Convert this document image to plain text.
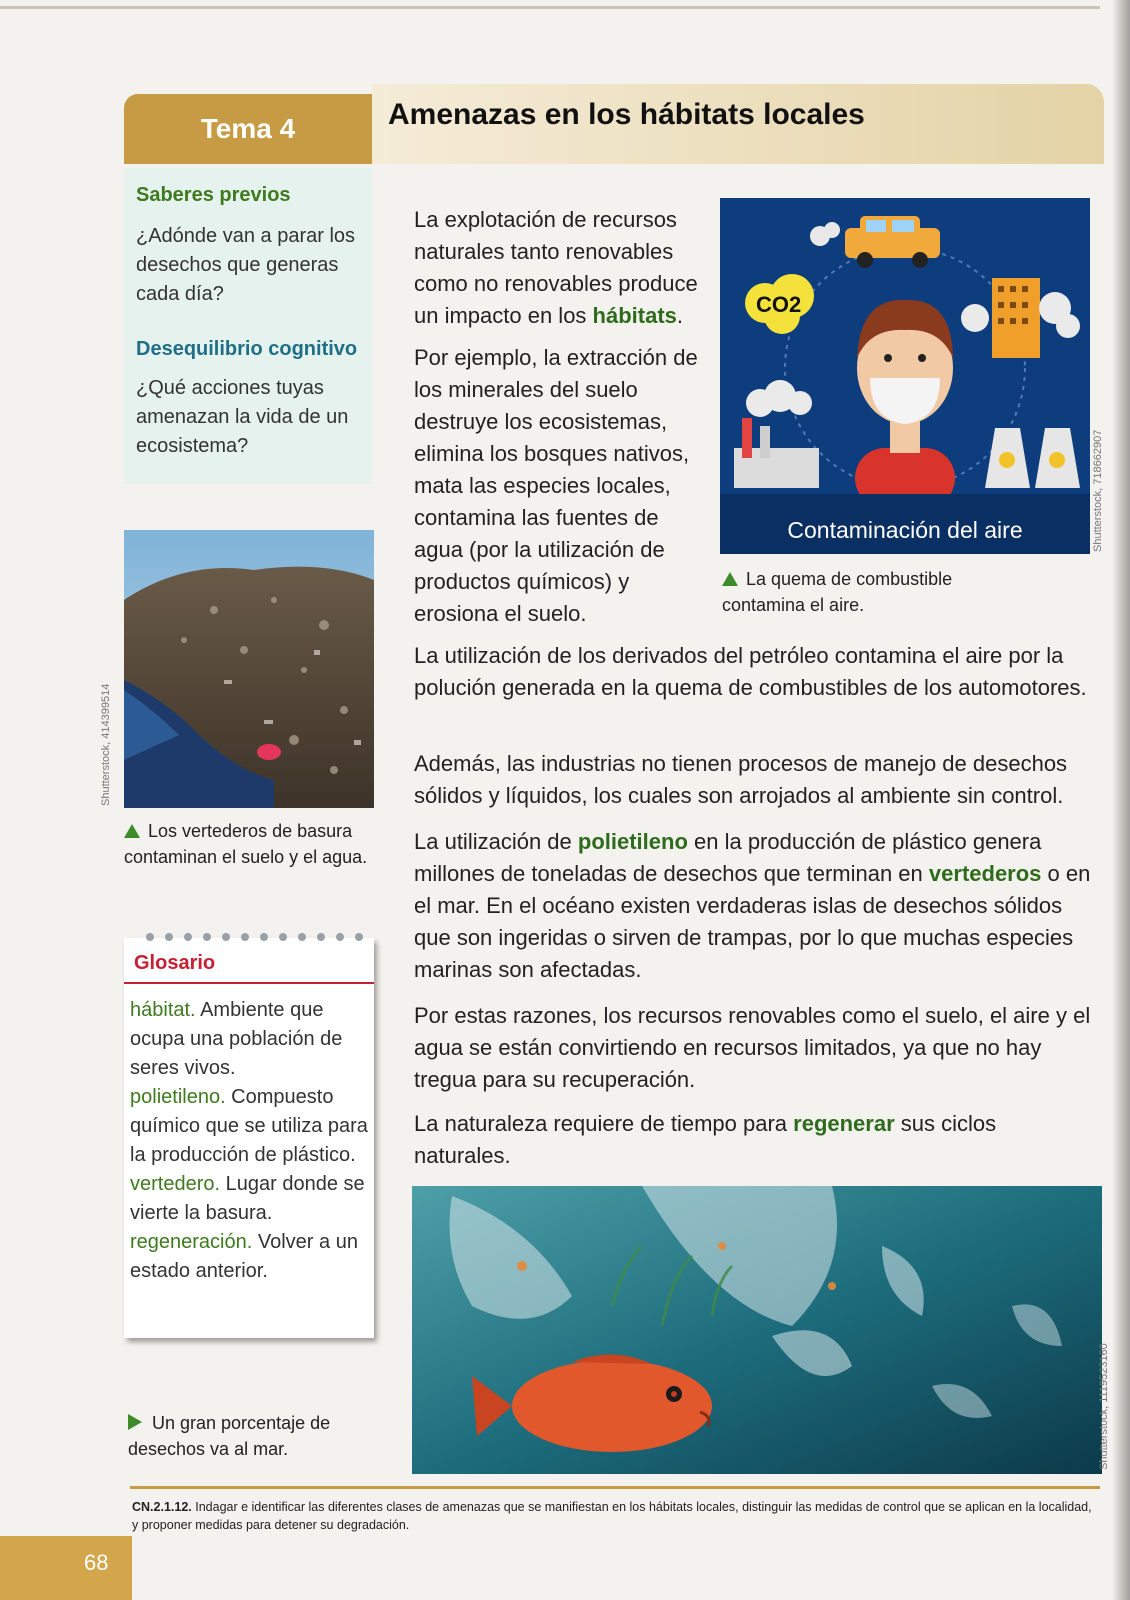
Tema 4	Amenazas en los hábitats locales
Saberes previos
¿Adónde van a parar los desechos que generas cada día?
Desequilibrio cognitivo
¿Qué acciones tuyas amenazan la vida de un ecosistema?
Shutterstock, 414399514
Los vertederos de basura contaminan el suelo y el agua.
Glosario
hábitat. Ambiente que ocupa una población de seres vivos.
polietileno. Compuesto químico que se utiliza para la producción de plástico.
vertedero. Lugar donde se vierte la basura.
regeneración. Volver a un estado anterior.
Un gran porcentaje de desechos va al mar.
La explotación de recursos naturales tanto renovables como no renovables produce un impacto en los hábitats.
Por ejemplo, la extracción de los minerales del suelo destruye los ecosistemas, elimina los bosques nativos, mata las especies locales, contamina las fuentes de agua (por la utilización de productos químicos) y erosiona el suelo.
CO2
Contaminación del aire	Shutterstock, 718662907
La quema de combustible contamina el aire.
La utilización de los derivados del petróleo contamina el aire por la polución generada en la quema de combustibles de los automotores.
Además, las industrias no tienen procesos de manejo de desechos sólidos y líquidos, los cuales son arrojados al ambiente sin control.
La utilización de polietileno en la producción de plástico genera millones de toneladas de desechos que terminan en vertederos o en el mar. En el océano existen verdaderas islas de desechos sólidos que son ingeridas o sirven de trampas, por lo que muchas especies marinas son afectadas.
Por estas razones, los recursos renovables como el suelo, el aire y el agua se están convirtiendo en recursos limitados, ya que no hay tregua para su recuperación.
La naturaleza requiere de tiempo para regenerar sus ciclos naturales.
Shutterstock, 1119523160
CN.2.1.12. Indagar e identificar las diferentes clases de amenazas que se manifiestan en los hábitats locales, distinguir las medidas de control que se aplican en la localidad, y proponer medidas para detener su degradación.
68
